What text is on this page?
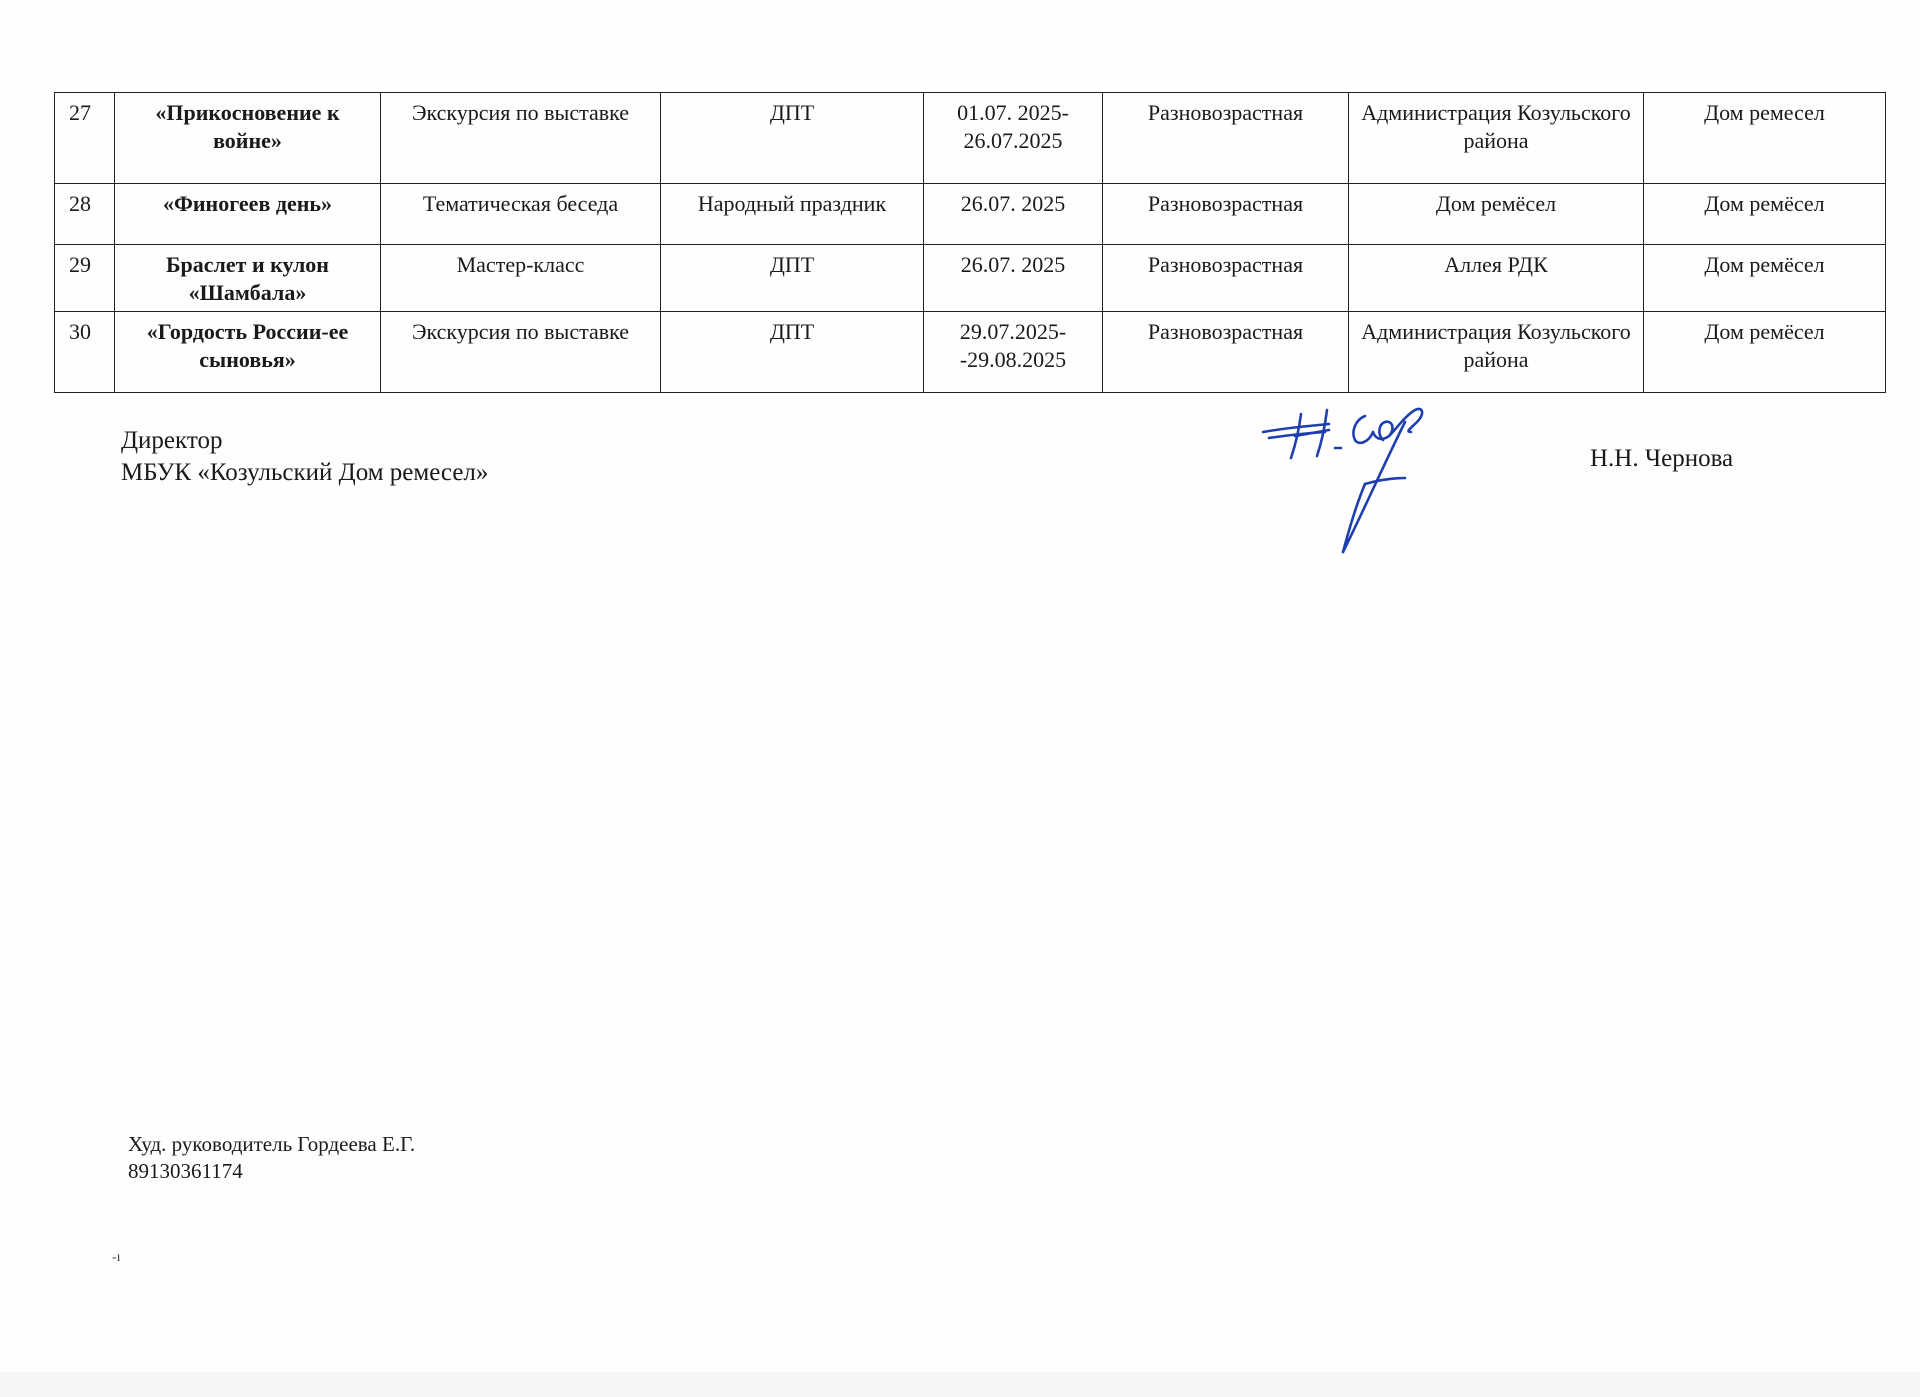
27	«Прикосновение к войне»	Экскурсия по выставке	ДПТ	01.07. 2025-26.07.2025	Разновозрастная	Администрация Козульского района	Дом ремесел
28	«Финогеев день»	Тематическая беседа	Народный праздник	26.07. 2025	Разновозрастная	Дом ремёсел	Дом ремёсел
29	Браслет и кулон «Шамбала»	Мастер-класс	ДПТ	26.07. 2025	Разновозрастная	Аллея РДК	Дом ремёсел
30	«Гордость России-ее сыновья»	Экскурсия по выставке	ДПТ	29.07.2025--29.08.2025	Разновозрастная	Администрация Козульского района	Дом ремёсел
Директор
МБУК «Козульский Дом ремесел»
Н.Н. Чернова
Худ. руководитель Гордеева Е.Г.
89130361174
-ı
